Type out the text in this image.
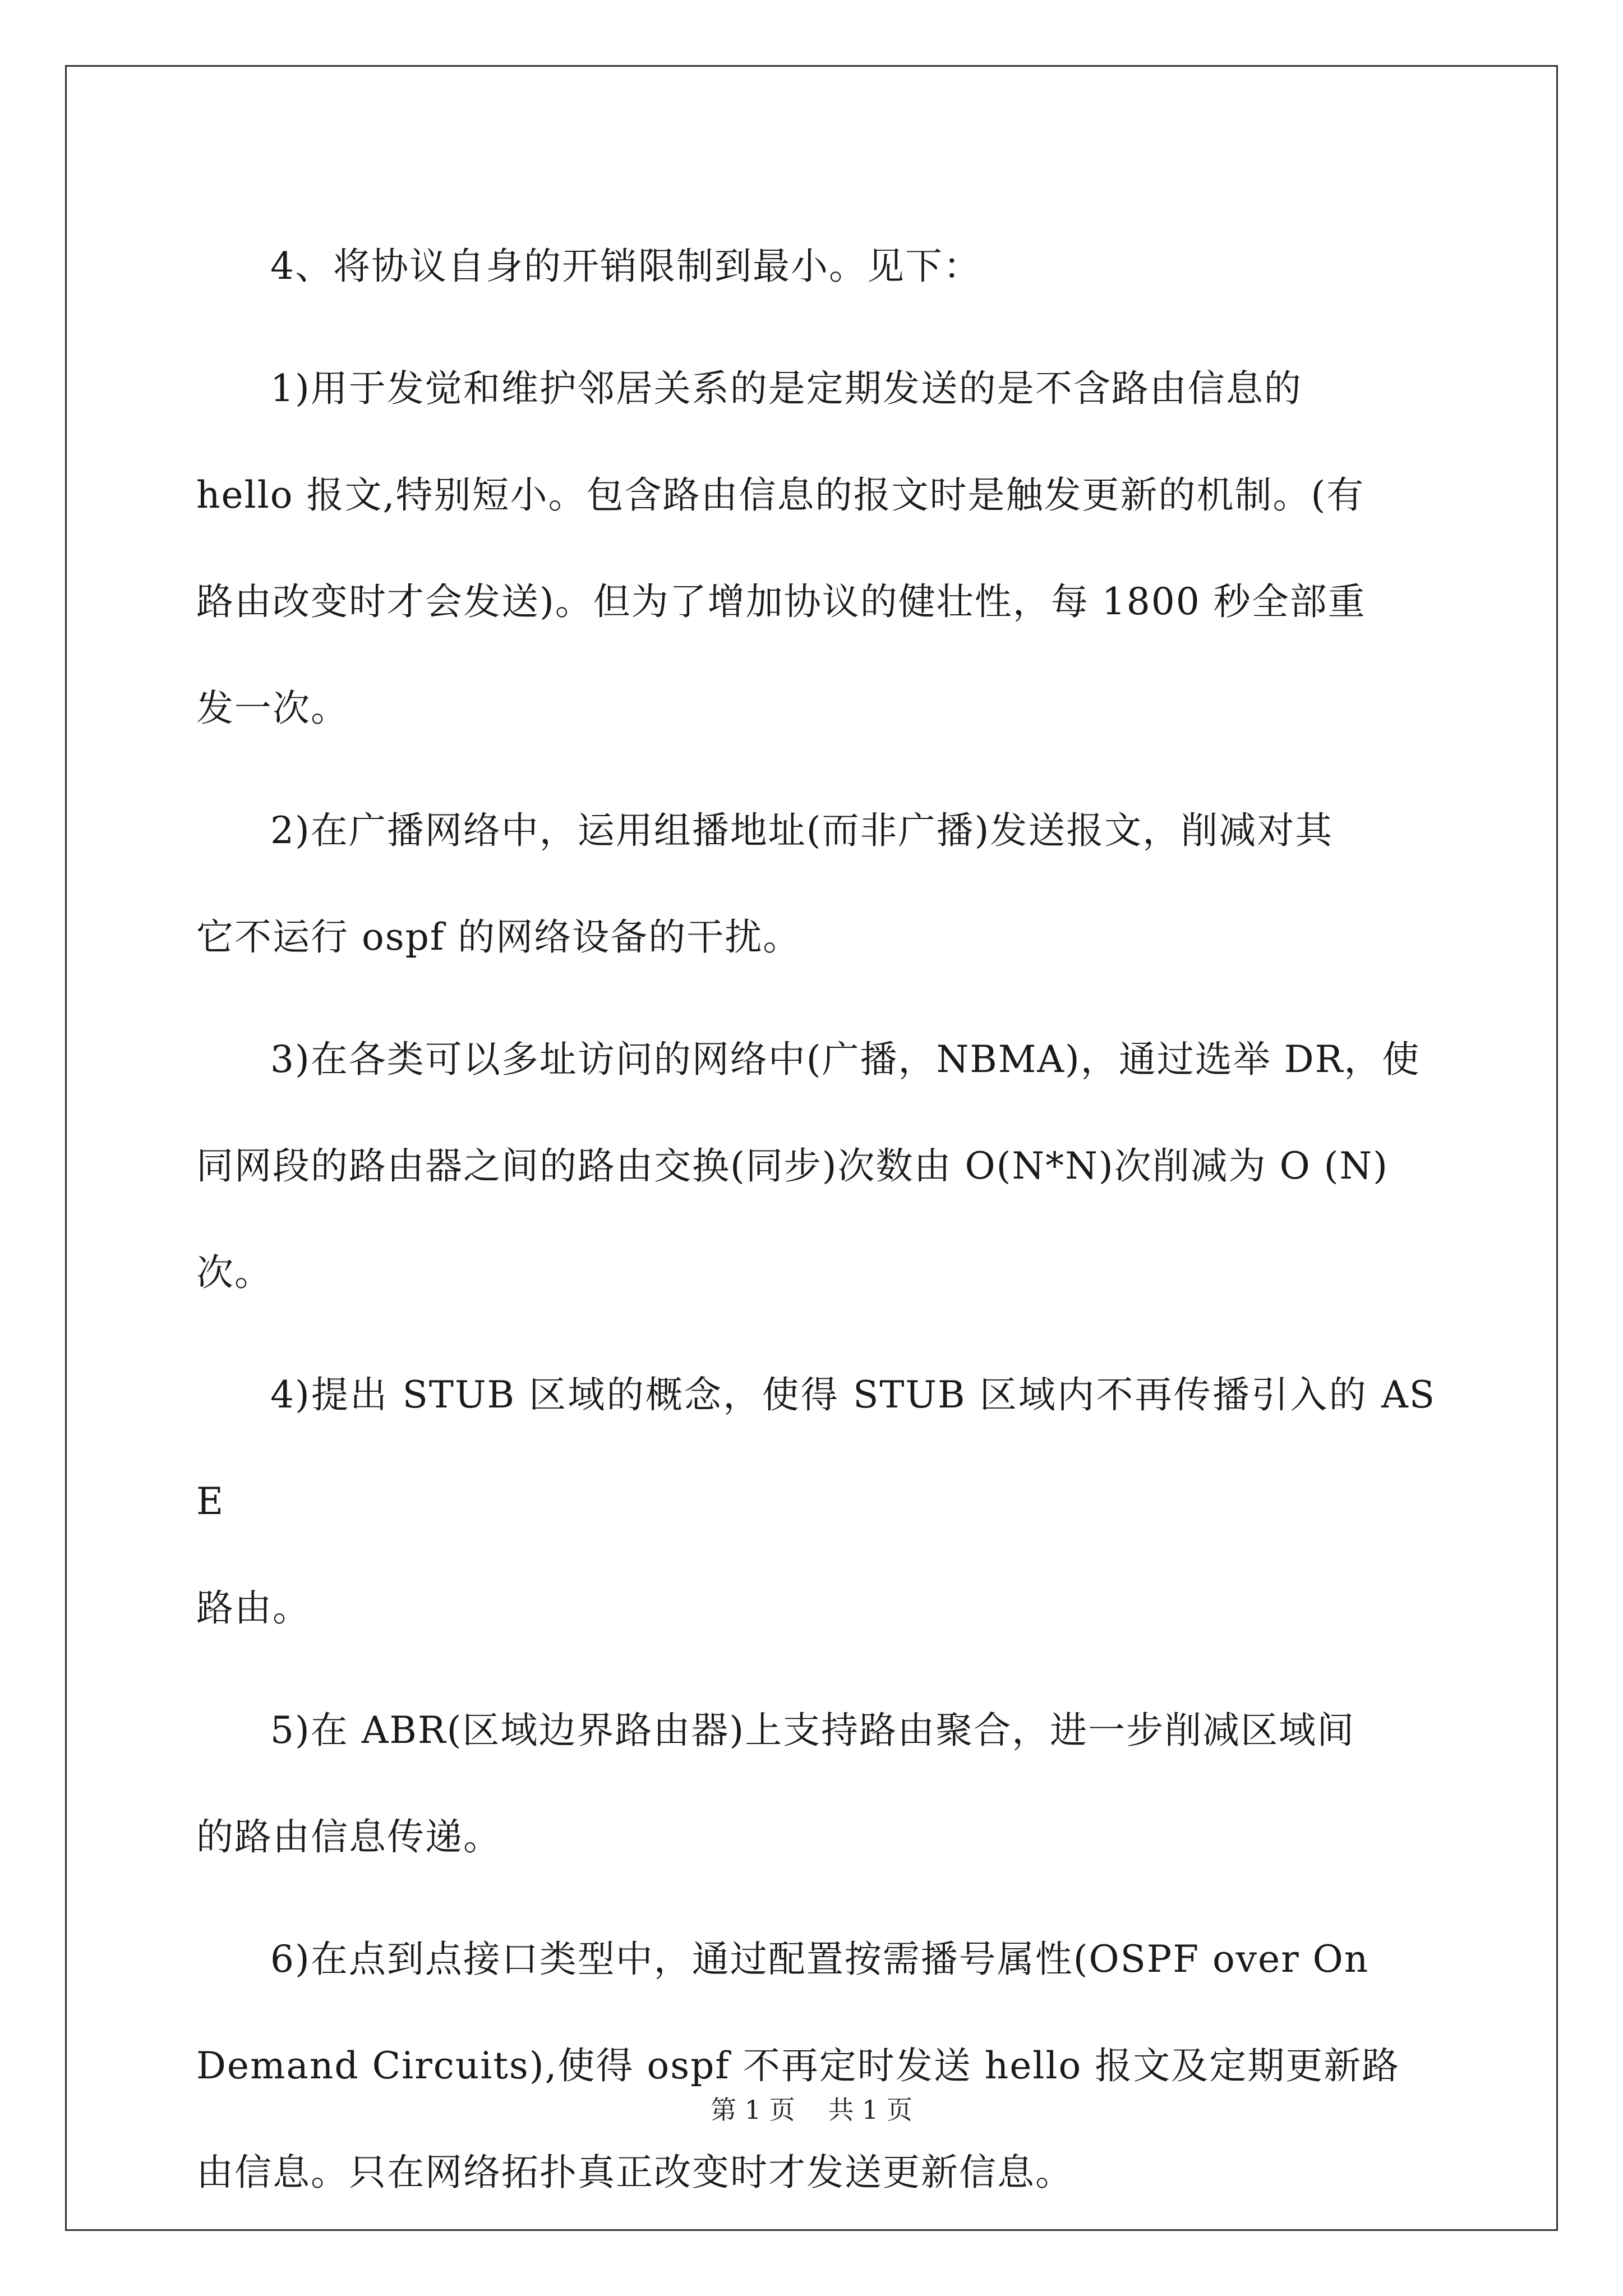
4、将协议自身的开销限制到最小。见下：

1)用于发觉和维护邻居关系的是定期发送的是不含路由信息的
hello 报文,特别短小。包含路由信息的报文时是触发更新的机制。(有
路由改变时才会发送)。但为了增加协议的健壮性，每 1800 秒全部重
发一次。

2)在广播网络中，运用组播地址(而非广播)发送报文，削减对其
它不运行 ospf 的网络设备的干扰。

3)在各类可以多址访问的网络中(广播，NBMA)，通过选举 DR，使
同网段的路由器之间的路由交换(同步)次数由 O(N*N)次削减为 O (N)
次。

4)提出 STUB 区域的概念，使得 STUB 区域内不再传播引入的 ASE
路由。

5)在 ABR(区域边界路由器)上支持路由聚合，进一步削减区域间
的路由信息传递。

6)在点到点接口类型中，通过配置按需播号属性(OSPF over On
Demand Circuits),使得 ospf 不再定时发送 hello 报文及定期更新路
由信息。只在网络拓扑真正改变时才发送更新信息。

第 1 页 共 1 页
